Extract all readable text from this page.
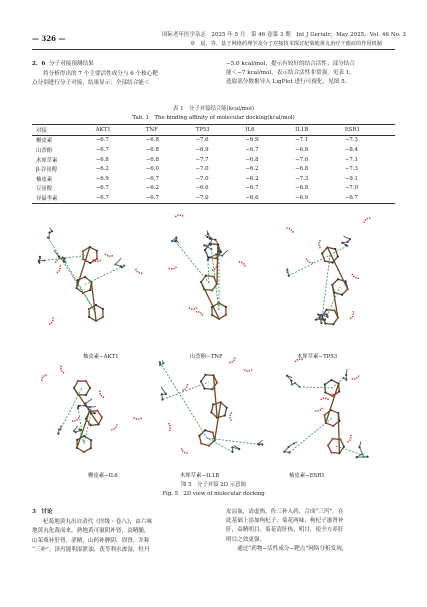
— 326 —	国际老年医学杂志　2025 年 5 月　第 46 卷第 3 期　Int J Geriatr，May 2025，Vol. 46 No. 3
章　晨，等．基于网络药理学及分子对接技术探讨杞菊地黄丸治疗干眼症的作用机制
2．6 分子对接预测结果
将分析得出的 7 个主要活性成分与 6 个核心靶
点分别进行分子对接，结果显示：全部结合能＜
−5.0 kcal/mol，提示有较好的结合活性；部分结合
能＜−7 kcal/mol，表示结合活性非常强，见表 1。
选取部分数据导入 LigPlot 进行可视化，见图 5。
表 1　分子对接结合能(kcal/mol)
Tab. 1　The binding affinity of molecular docking(kcal/mol)
对接	AKT1	TNF	TP53	IL6	IL1B	ESR1
槲皮素	−6.7	−6.8	−7.6	−6.9	−7.1	−7.3
山柰酚	−6.7	−6.8	−6.9	−6.7	−6.8	−8.4
木犀草素	−6.8	−6.8	−7.7	−6.8	−7.6	−7.1
β-谷甾醇	−6.2	−6.0	−7.0	−6.2	−6.8	−7.3
柚皮素	−6.9	−6.7	−7.0	−6.2	−7.3	−9.1
豆甾醇	−6.7	−6.2	−6.6	−6.7	−6.8	−7.0
异鼠李素	−6.7	−6.7	−7.0	−6.6	−6.9	−6.7
柚皮素−AKT1	山柰酚−TNF	木犀草素−TP53
槲皮素−IL6	木犀草素−IL1B	柚皮素−ESR1
图 5　分子对接 2D 示意图
Fig. 5　2D view of molecular docking
3 讨论
杞菊地黄丸出自清代《医级・卷八》，由六味
地黄丸化裁而来。熟地黄可滋阴补肾，益精髓，
山茱萸补肝肾，涩精，山药补脾阴、固肾，并称
“三补”。泽泻能利湿泄浊，茯苓利水渗湿，牡丹
皮凉血，清虚热，佐三补入药，合成“三泻”。在
此基础上添加枸杞子、菊花两味，枸杞子滋肾补
肝，益精明目，菊花清肝热，明目，使全方养肝
明目之效更强。
　　通过“药物−活性成分−靶点”网络分析发现，
